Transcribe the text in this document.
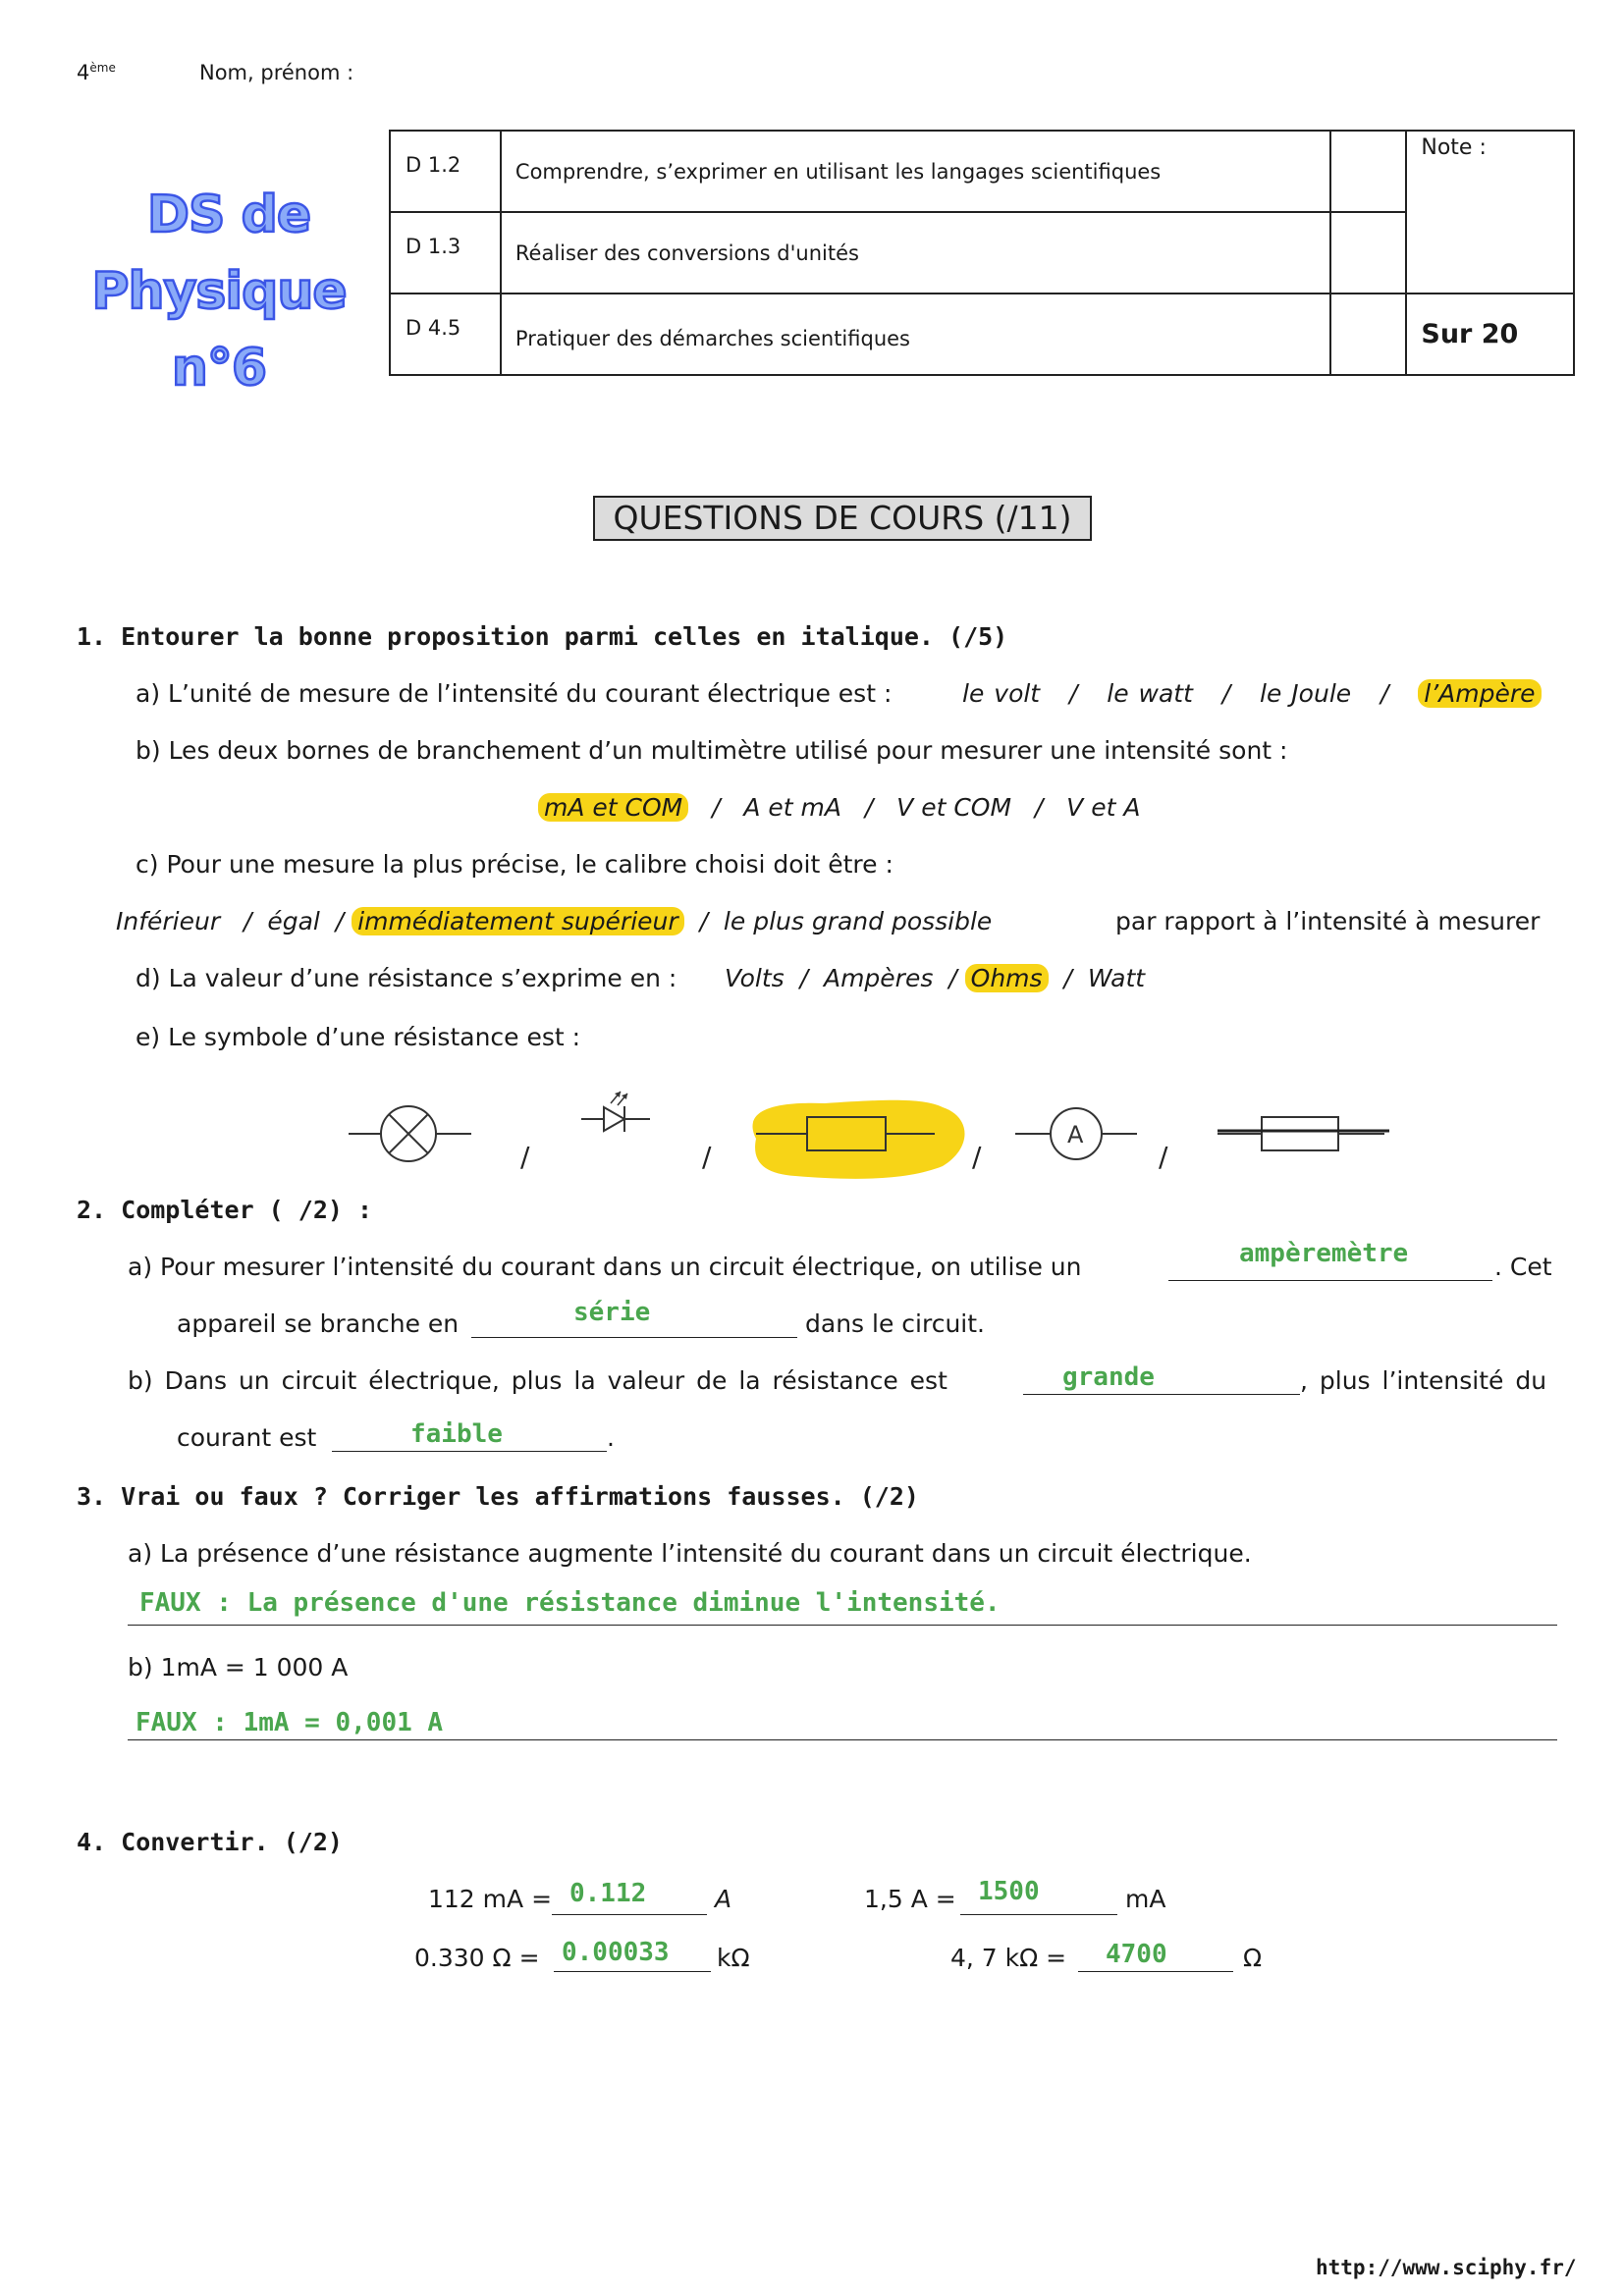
4ème	Nom, prénom :
DS de
Physique n°6
D 1.2	Comprendre, s’exprimer en utilisant les langages scientifiques		Note :
D 1.3	Réaliser des conversions d'unités		
D 4.5	Pratiquer des démarches scientifiques		Sur 20
QUESTIONS DE COURS (/11)
1. Entourer la bonne proposition parmi celles en italique. (/5)
a) L’unité de mesure de l’intensité du courant électrique est :	le volt / le watt / le Joule / l’Ampère
b) Les deux bornes de branchement d’un multimètre utilisé pour mesurer une intensité sont :
mA et COM / A et mA / V et COM / V et A
c) Pour une mesure la plus précise, le calibre choisi doit être :
Inférieur / égal / immédiatement supérieur / le plus grand possible	par rapport à l’intensité à mesurer
d) La valeur d’une résistance s’exprime en : Volts / Ampères / Ohms / Watt
e) Le symbole d’une résistance est :
/	/	/
A
/
2. Compléter ( /2) :
a) Pour mesurer l’intensité du courant dans un circuit électrique, on utilise un	ampèremètre	. Cet
appareil se branche en	série	dans le circuit.
b) Dans un circuit électrique, plus la valeur de la résistance est	grande	, plus l’intensité du
courant est	faible	.
3. Vrai ou faux ? Corriger les affirmations fausses. (/2)
a) La présence d’une résistance augmente l’intensité du courant dans un circuit électrique.
FAUX : La présence d'une résistance diminue l'intensité.
b) 1mA = 1 000 A
FAUX : 1mA = 0,001 A
4. Convertir. (/2)
112 mA = 0.112	A	1,5 A = 1500	mA
0.330 Ω = 0.00033 kΩ	4, 7 kΩ = 4700	Ω
http://www.sciphy.fr/
